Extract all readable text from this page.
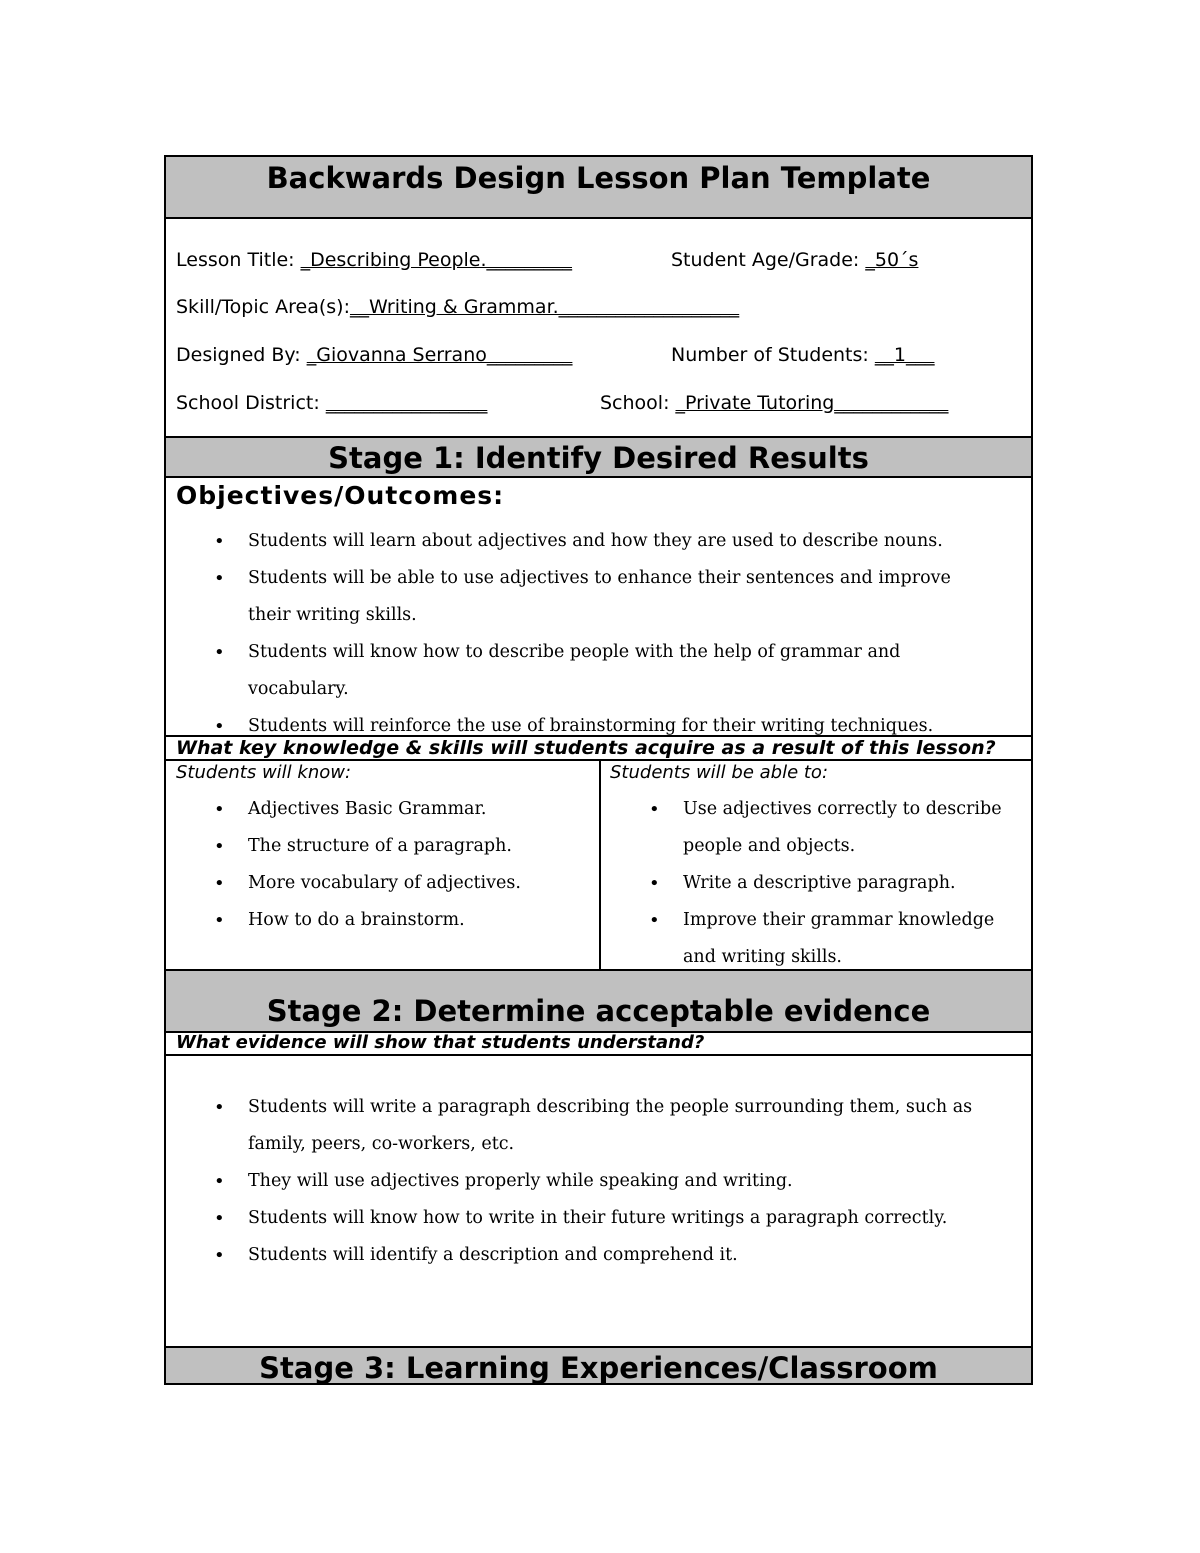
Backwards Design Lesson Plan Template
Lesson Title: _Describing People._________	Student Age/Grade: _50´s
Skill/Topic Area(s):__Writing & Grammar.___________________
Designed By: _Giovanna Serrano_________	Number of Students: __1___
School District: _________________	School: _Private Tutoring____________
Stage 1: Identify Desired Results
Objectives/Outcomes:
• Students will learn about adjectives and how they are used to describe nouns.
• Students will be able to use adjectives to enhance their sentences and improve their writing skills.
• Students will know how to describe people with the help of grammar and vocabulary.
• Students will reinforce the use of brainstorming for their writing techniques.
What key knowledge & skills will students acquire as a result of this lesson?
Students will know:
• Adjectives Basic Grammar.
• The structure of a paragraph.
• More vocabulary of adjectives.
• How to do a brainstorm.
Students will be able to:
• Use adjectives correctly to describe people and objects.
• Write a descriptive paragraph.
• Improve their grammar knowledge and writing skills.
Stage 2: Determine acceptable evidence
What evidence will show that students understand?
• Students will write a paragraph describing the people surrounding them, such as family, peers, co-workers, etc.
• They will use adjectives properly while speaking and writing.
• Students will know how to write in their future writings a paragraph correctly.
• Students will identify a description and comprehend it.
Stage 3: Learning Experiences/Classroom
